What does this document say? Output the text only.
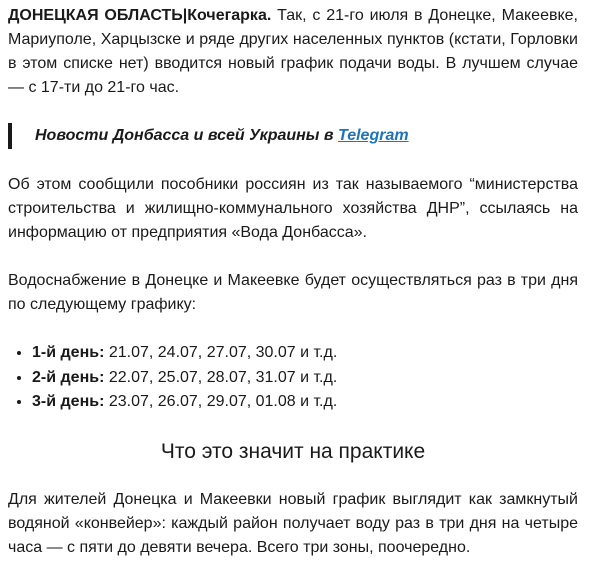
ДОНЕЦКАЯ ОБЛАСТЬ|Кочегарка. Так, с 21-го июля в Донецке, Макеевке, Мариуполе, Харцызске и ряде других населенных пунктов (кстати, Горловки в этом списке нет) вводится новый график подачи воды. В лучшем случае — с 17-ти до 21-го час.

Новости Донбасса и всей Украины в Telegram

Об этом сообщили пособники россиян из так называемого “министерства строительства и жилищно-коммунального хозяйства ДНР”, ссылаясь на информацию от предприятия «Вода Донбасса».

Водоснабжение в Донецке и Макеевке будет осуществляться раз в три дня по следующему графику:

• 1-й день: 21.07, 24.07, 27.07, 30.07 и т.д.
• 2-й день: 22.07, 25.07, 28.07, 31.07 и т.д.
• 3-й день: 23.07, 26.07, 29.07, 01.08 и т.д.
Что это значит на практике

Для жителей Донецка и Макеевки новый график выглядит как замкнутый водяной «конвейер»: каждый район получает воду раз в три дня на четыре часа — с пяти до девяти вечера. Всего три зоны, поочередно.
